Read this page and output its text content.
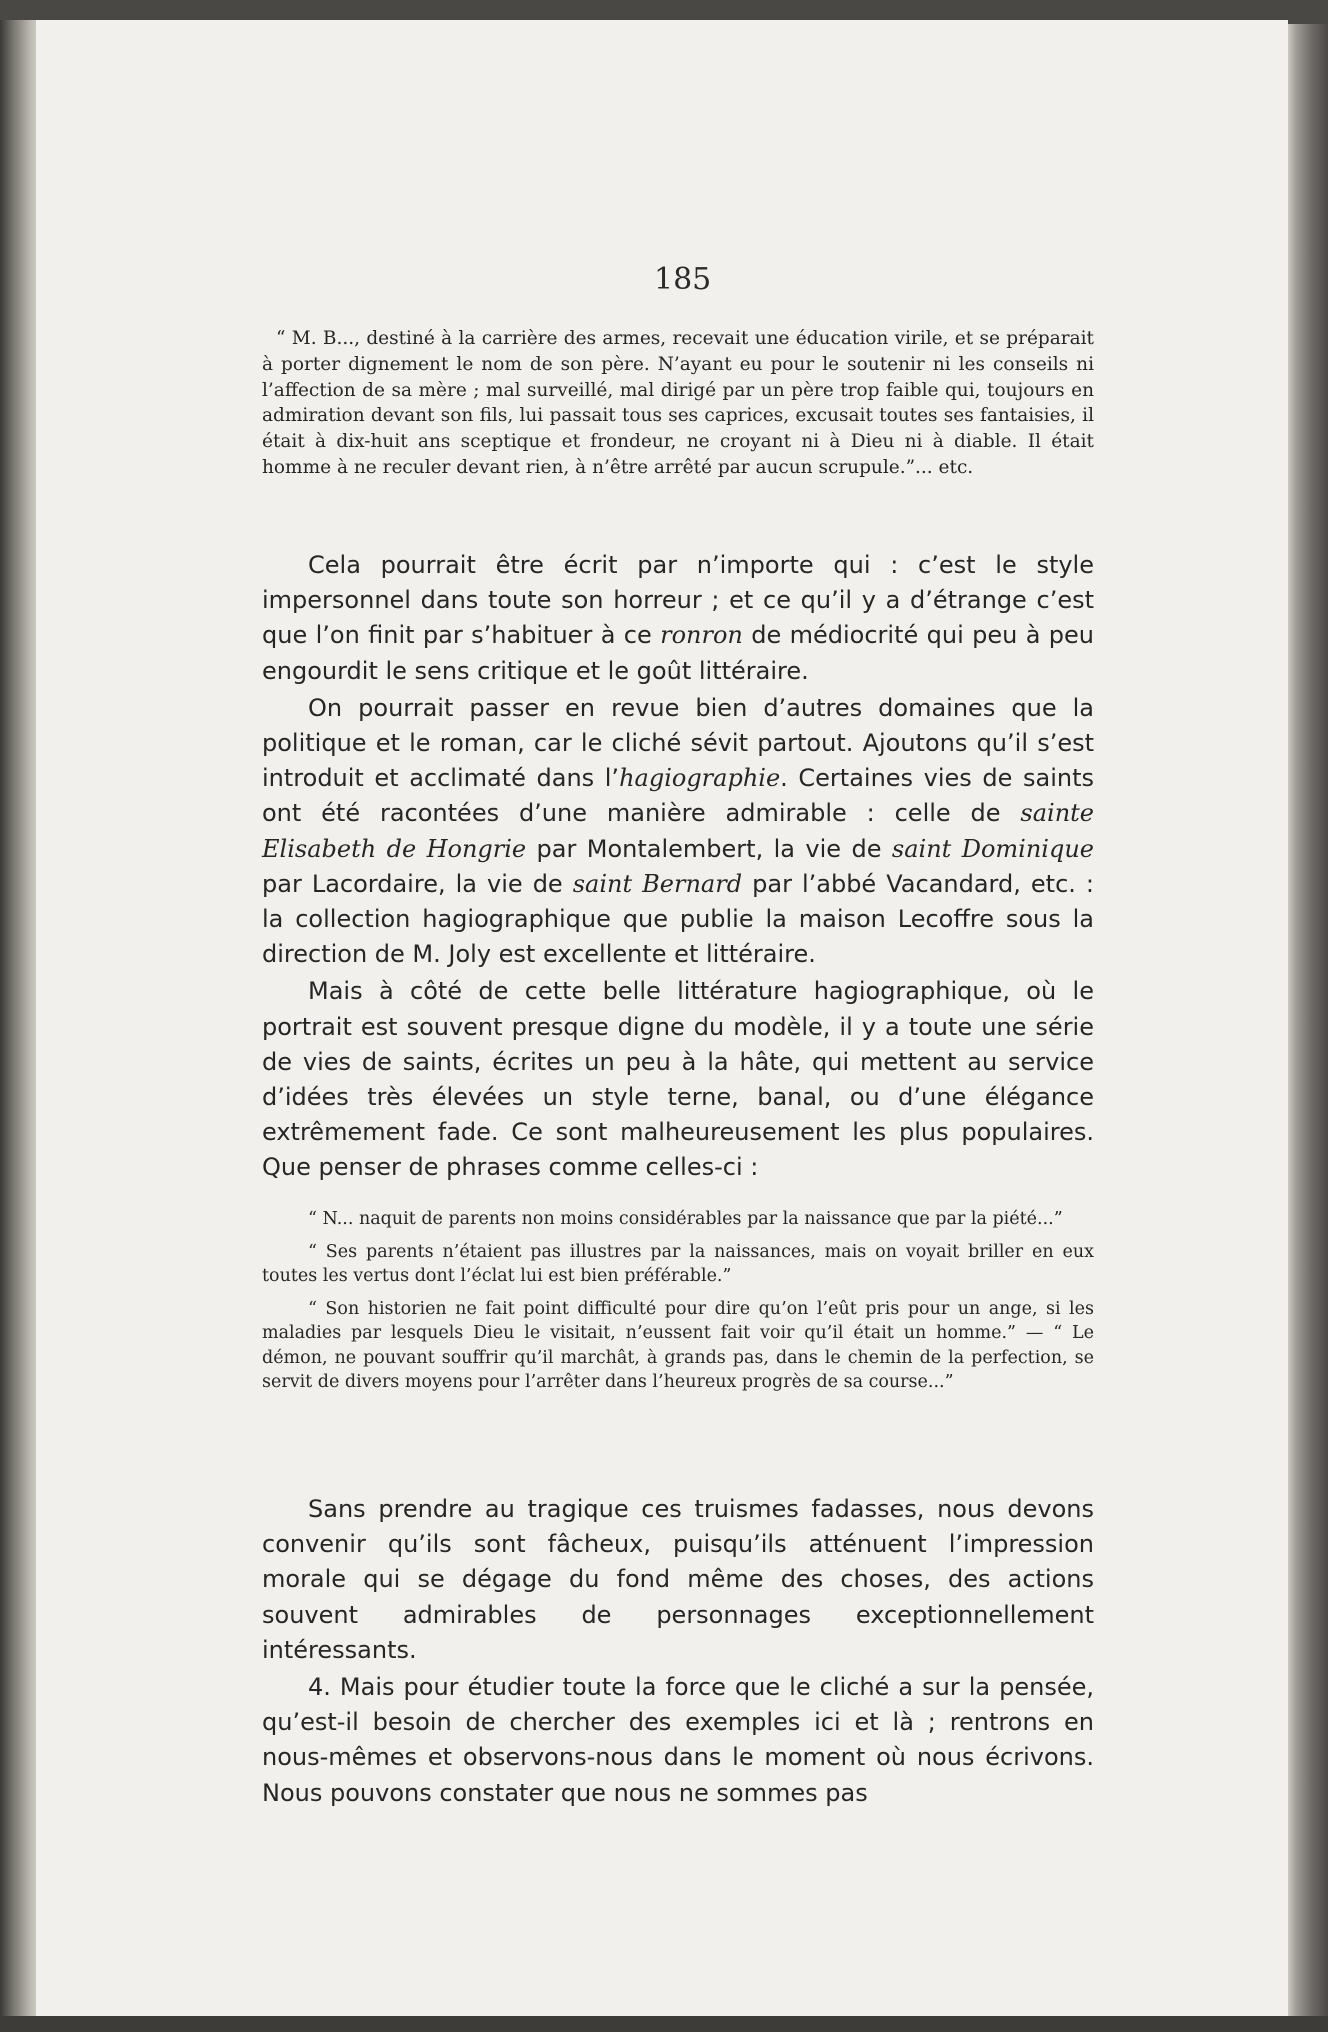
185

“ M. B..., destiné à la carrière des armes, recevait une éducation virile, et se préparait à porter dignement le nom de son père. N’ayant eu pour le soutenir ni les conseils ni l’affection de sa mère ; mal surveillé, mal dirigé par un père trop faible qui, toujours en admiration devant son fils, lui passait tous ses caprices, excusait toutes ses fantaisies, il était à dix-huit ans sceptique et frondeur, ne croyant ni à Dieu ni à diable. Il était homme à ne reculer devant rien, à n’être arrêté par aucun scrupule.”... etc.

Cela pourrait être écrit par n’importe qui : c’est le style impersonnel dans toute son horreur ; et ce qu’il y a d’étrange c’est que l’on finit par s’habituer à ce ronron de médiocrité qui peu à peu engourdit le sens critique et le goût littéraire.

On pourrait passer en revue bien d’autres domaines que la politique et le roman, car le cliché sévit partout. Ajoutons qu’il s’est introduit et acclimaté dans l’hagiographie. Certaines vies de saints ont été racontées d’une manière admirable : celle de sainte Elisabeth de Hongrie par Montalembert, la vie de saint Dominique par Lacordaire, la vie de saint Bernard par l’abbé Vacandard, etc. : la collection hagiographique que publie la maison Lecoffre sous la direction de M. Joly est excellente et littéraire.

Mais à côté de cette belle littérature hagiographique, où le portrait est souvent presque digne du modèle, il y a toute une série de vies de saints, écrites un peu à la hâte, qui mettent au service d’idées très élevées un style terne, banal, ou d’une élégance extrêmement fade. Ce sont malheureusement les plus populaires. Que penser de phrases comme celles-ci :

“ N... naquit de parents non moins considérables par la naissance que par la piété...”

“ Ses parents n’étaient pas illustres par la naissances, mais on voyait briller en eux toutes les vertus dont l’éclat lui est bien préférable.”

“ Son historien ne fait point difficulté pour dire qu’on l’eût pris pour un ange, si les maladies par lesquels Dieu le visitait, n’eussent fait voir qu’il était un homme.” — “ Le démon, ne pouvant souffrir qu’il marchât, à grands pas, dans le chemin de la perfection, se servit de divers moyens pour l’arrêter dans l’heureux progrès de sa course...”

Sans prendre au tragique ces truismes fadasses, nous devons convenir qu’ils sont fâcheux, puisqu’ils atténuent l’impression morale qui se dégage du fond même des choses, des actions souvent admirables de personnages exceptionnellement intéressants.

4. Mais pour étudier toute la force que le cliché a sur la pensée, qu’est-il besoin de chercher des exemples ici et là ; rentrons en nous-mêmes et observons-nous dans le moment où nous écrivons. Nous pouvons constater que nous ne sommes pas
